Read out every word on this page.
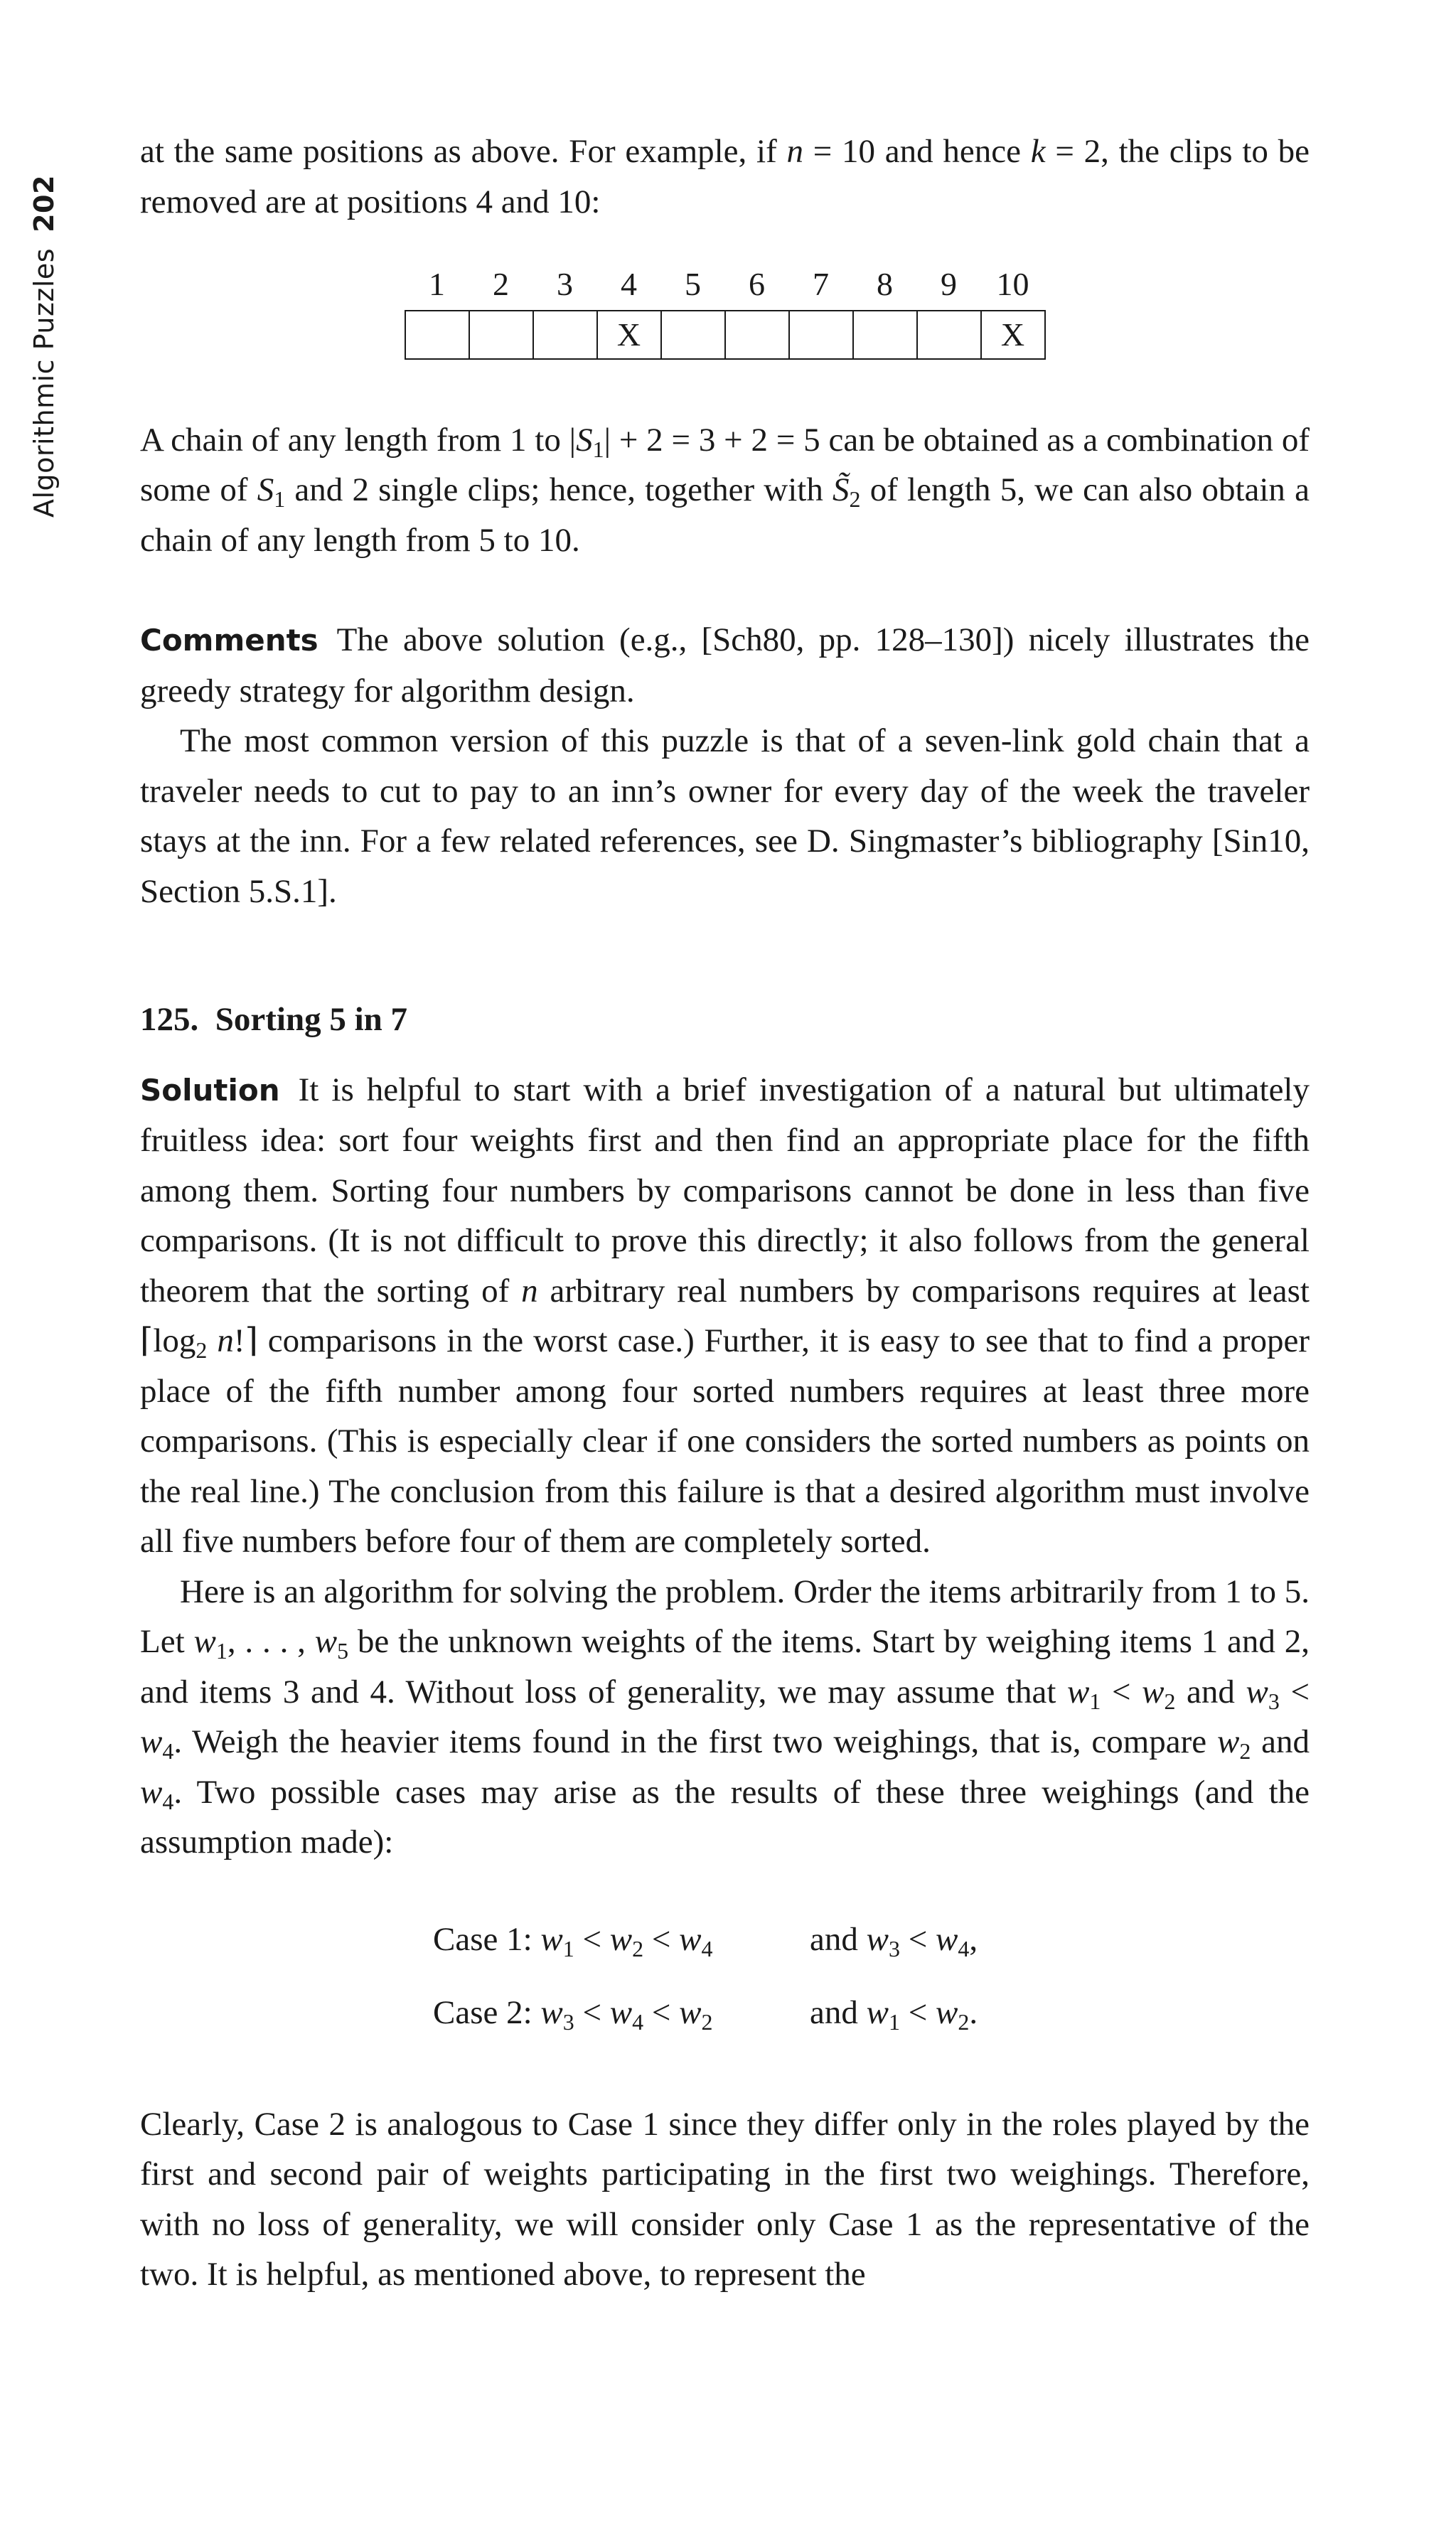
Algorithmic Puzzles202

at the same positions as above. For example, if n = 10 and hence k = 2, the clips to be removed are at positions 4 and 10:

1	2	3	4	5	6	7	8	9	10
			X						X

A chain of any length from 1 to $|S_1| + 2 = 3 + 2 = 5$ can be obtained as a combination of some of $S_1$ and 2 single clips; hence, together with $S̃_2$ of length 5, we can also obtain a chain of any length from 5 to 10.

Comments The above solution (e.g., [Sch80, pp. 128–130]) nicely illustrates the greedy strategy for algorithm design.

The most common version of this puzzle is that of a seven-link gold chain that a traveler needs to cut to pay to an inn’s owner for every day of the week the traveler stays at the inn. For a few related references, see D. Singmaster’s bibliography [Sin10, Section 5.S.1].

125. Sorting 5 in 7

Solution It is helpful to start with a brief investigation of a natural but ultimately fruitless idea: sort four weights first and then find an appropriate place for the fifth among them. Sorting four numbers by comparisons cannot be done in less than five comparisons. (It is not difficult to prove this directly; it also follows from the general theorem that the sorting of n arbitrary real numbers by comparisons requires at least $⌈\log_2$ n!⌉ comparisons in the worst case.) Further, it is easy to see that to find a proper place of the fifth number among four sorted numbers requires at least three more comparisons. (This is especially clear if one considers the sorted numbers as points on the real line.) The conclusion from this failure is that a desired algorithm must involve all five numbers before four of them are completely sorted.

Here is an algorithm for solving the problem. Order the items arbitrarily from 1 to 5. Let $w_1$, . . . , $w_5$ be the unknown weights of the items. Start by weighing items 1 and 2, and items 3 and 4. Without loss of generality, we may assume that $w_1 < w_2$ and $w_3 < w_4$. Weigh the heavier items found in the first two weighings, that is, compare $w_2$ and $w_4$. Two possible cases may arise as the results of these three weighings (and the assumption made):

Case 1: $w_1 < w_2 < w_4$	and $w_3 < w_4$,
Case 2: $w_3 < w_4 < w_2$	and $w_1 < w_2$.

Clearly, Case 2 is analogous to Case 1 since they differ only in the roles played by the first and second pair of weights participating in the first two weighings. Therefore, with no loss of generality, we will consider only Case 1 as the representative of the two. It is helpful, as mentioned above, to represent the
